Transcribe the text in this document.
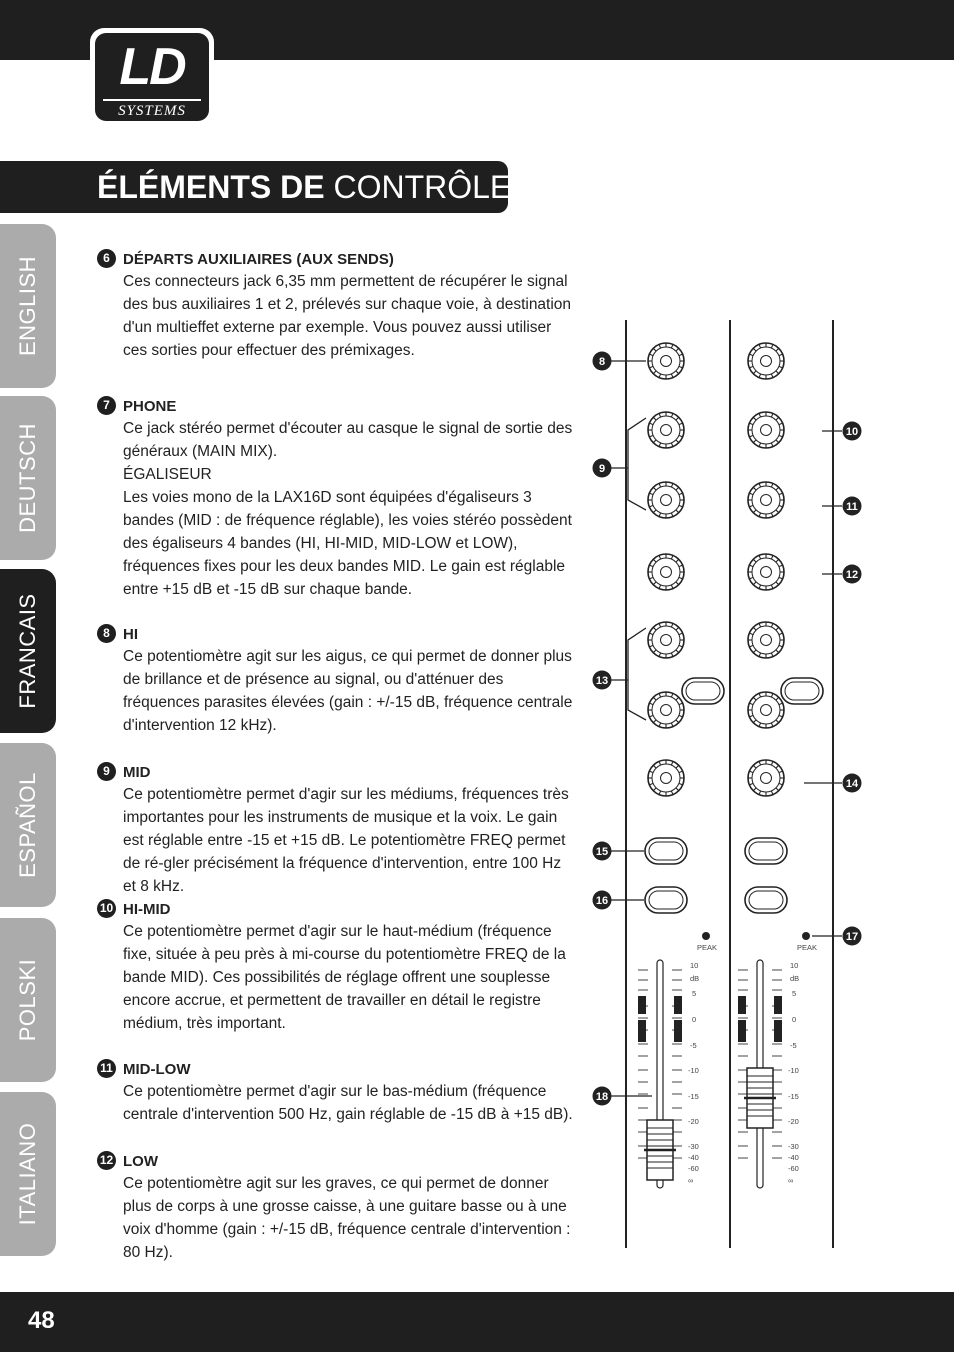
LD
SYSTEMS
ÉLÉMENTS DE CONTRÔLE :
ENGLISH
DEUTSCH
FRANCAIS
ESPAÑOL
POLSKI
ITALIANO
6 DÉPARTS AUXILIAIRES (AUX SENDS)

Ces connecteurs jack 6,35 mm permettent de récupérer le signal des bus auxiliaires 1 et 2, prélevés sur chaque voie, à destination d'un multieffet externe par exemple. Vous pouvez aussi utiliser ces sorties pour effectuer des prémixages.

7 PHONE

Ce jack stéréo permet d'écouter au casque le signal de sortie des généraux (MAIN MIX).

ÉGALISEUR

Les voies mono de la LAX16D sont équipées d'égaliseurs 3 bandes (MID : de fréquence réglable), les voies stéréo possèdent des égaliseurs 4 bandes (HI, HI-MID, MID-LOW et LOW), fréquences fixes pour les deux bandes MID. Le gain est réglable entre +15 dB et -15 dB sur chaque bande.

8 HI

Ce potentiomètre agit sur les aigus, ce qui permet de donner plus de brillance et de présence au signal, ou d'atténuer des fréquences parasites élevées (gain : +/-15 dB, fréquence centrale d'intervention 12 kHz).

9 MID

Ce potentiomètre permet d'agir sur les médiums, fréquences très importantes pour les instruments de musique et la voix. Le gain est réglable entre -15 et +15 dB. Le potentiomètre FREQ permet de ré-gler précisément la fréquence d'intervention, entre 100 Hz et 8 kHz.

10 HI-MID

Ce potentiomètre permet d'agir sur le haut-médium (fréquence fixe, située à peu près à mi-course du potentiomètre FREQ de la bande MID). Ces possibilités de réglage offrent une souplesse encore accrue, et permettent de travailler en détail le registre médium, très important.

11 MID-LOW

Ce potentiomètre permet d'agir sur le bas-médium (fréquence centrale d'intervention 500 Hz, gain réglable de -15 dB à +15 dB).

12 LOW

Ce potentiomètre agit sur les graves, ce qui permet de donner plus de corps à une grosse caisse, à une guitare basse ou à une voix d'homme (gain : +/-15 dB, fréquence centrale d'intervention : 80 Hz).

PEAK	PEAK
10
dB
5
0
-5
-10
-15
-20
-30
-40
-60
∞
10
dB
5
0
-5
-10
-15
-20
-30
-40
-60
∞
8
9
10
11
12
13
14
15
16
17
18
48
